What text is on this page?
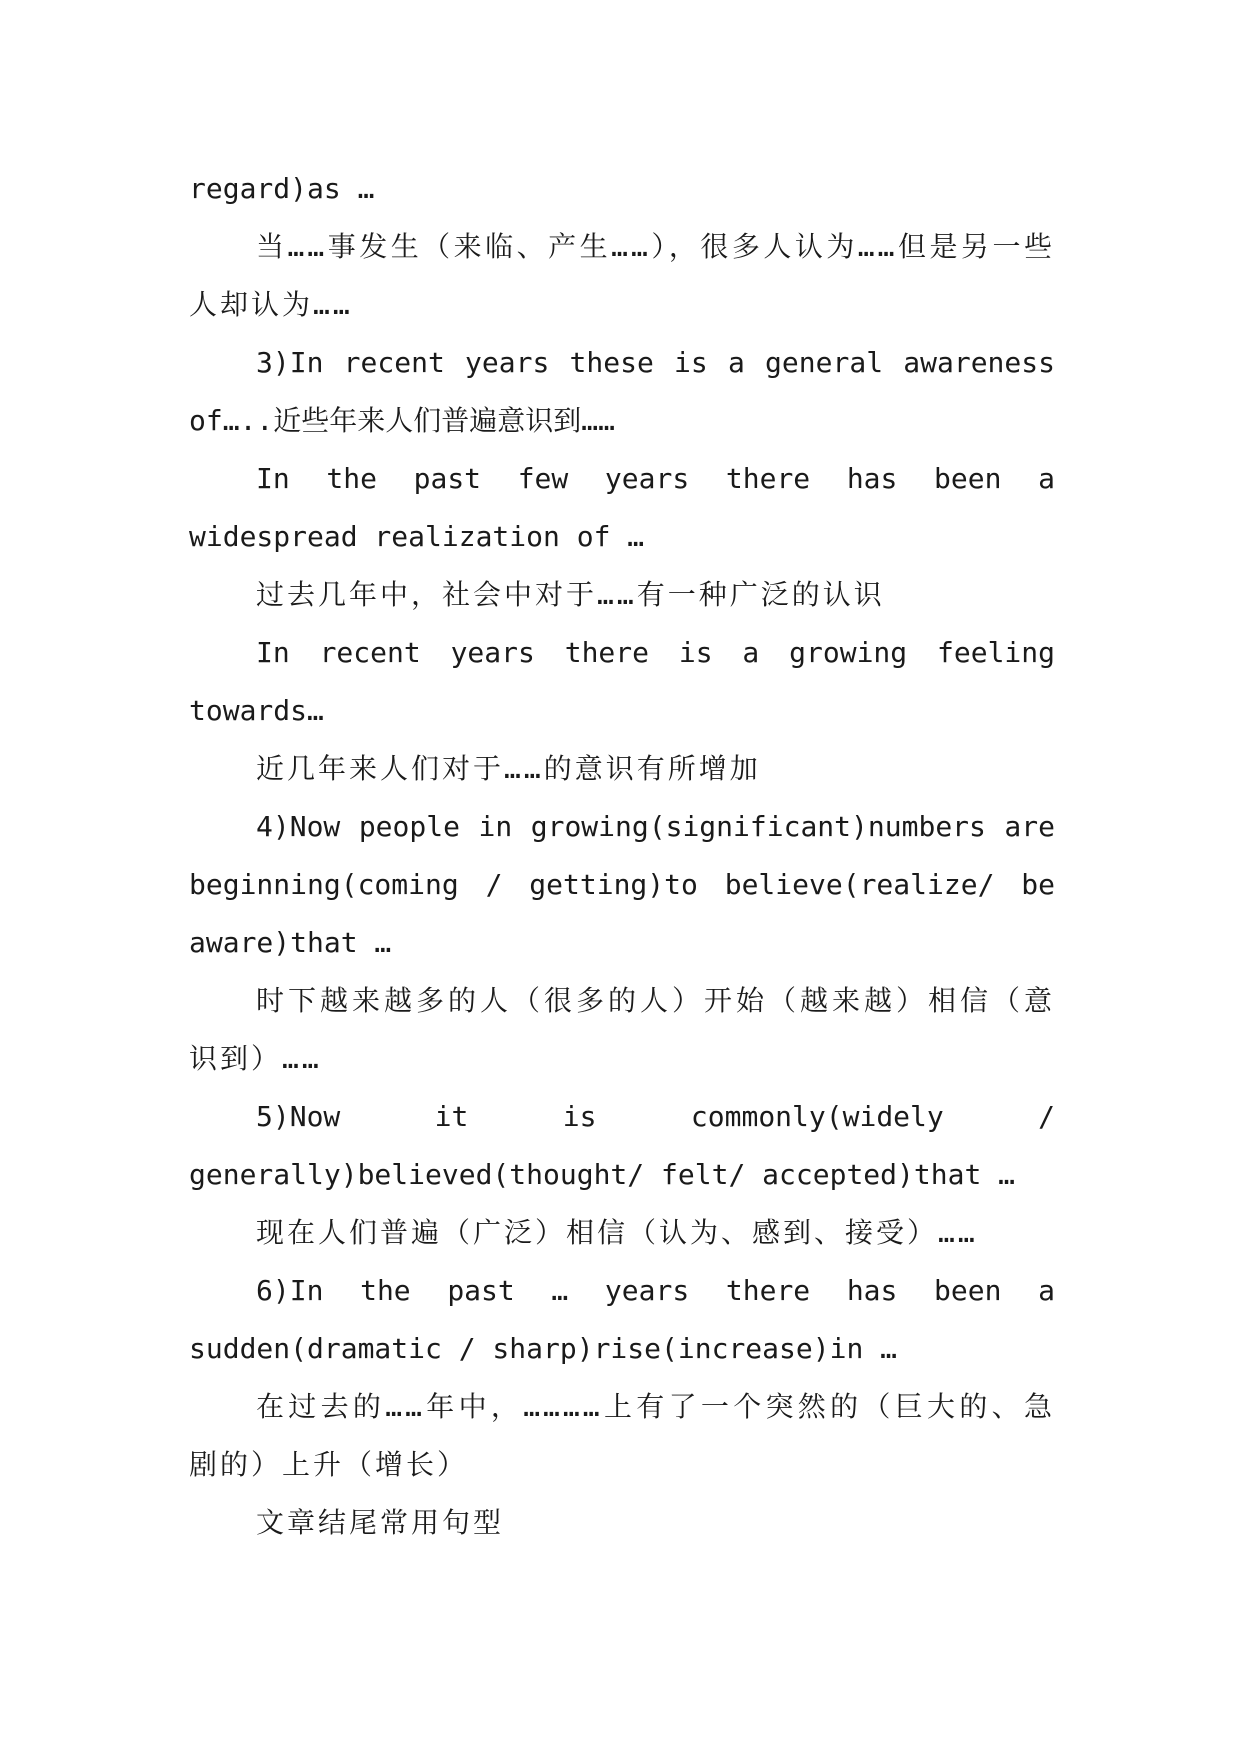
regard)as …

当……事发生（来临、产生……），很多人认为……但是另一些人却认为……

3)In recent years these is a general awareness of…..近些年来人们普遍意识到……

In the past few years there has been a widespread realization of …

过去几年中，社会中对于……有一种广泛的认识

In recent years there is a growing feeling towards…

近几年来人们对于……的意识有所增加

4)Now people in growing(significant)numbers are beginning(coming / getting)to believe(realize/ be aware)that …

时下越来越多的人（很多的人）开始（越来越）相信（意识到）……

5)Now it is commonly(widely / generally)believed(thought/ felt/ accepted)that …

现在人们普遍（广泛）相信（认为、感到、接受）……

6)In the past … years there has been a sudden(dramatic / sharp)rise(increase)in …

在过去的……年中，…………上有了一个突然的（巨大的、急剧的）上升（增长）

文章结尾常用句型
